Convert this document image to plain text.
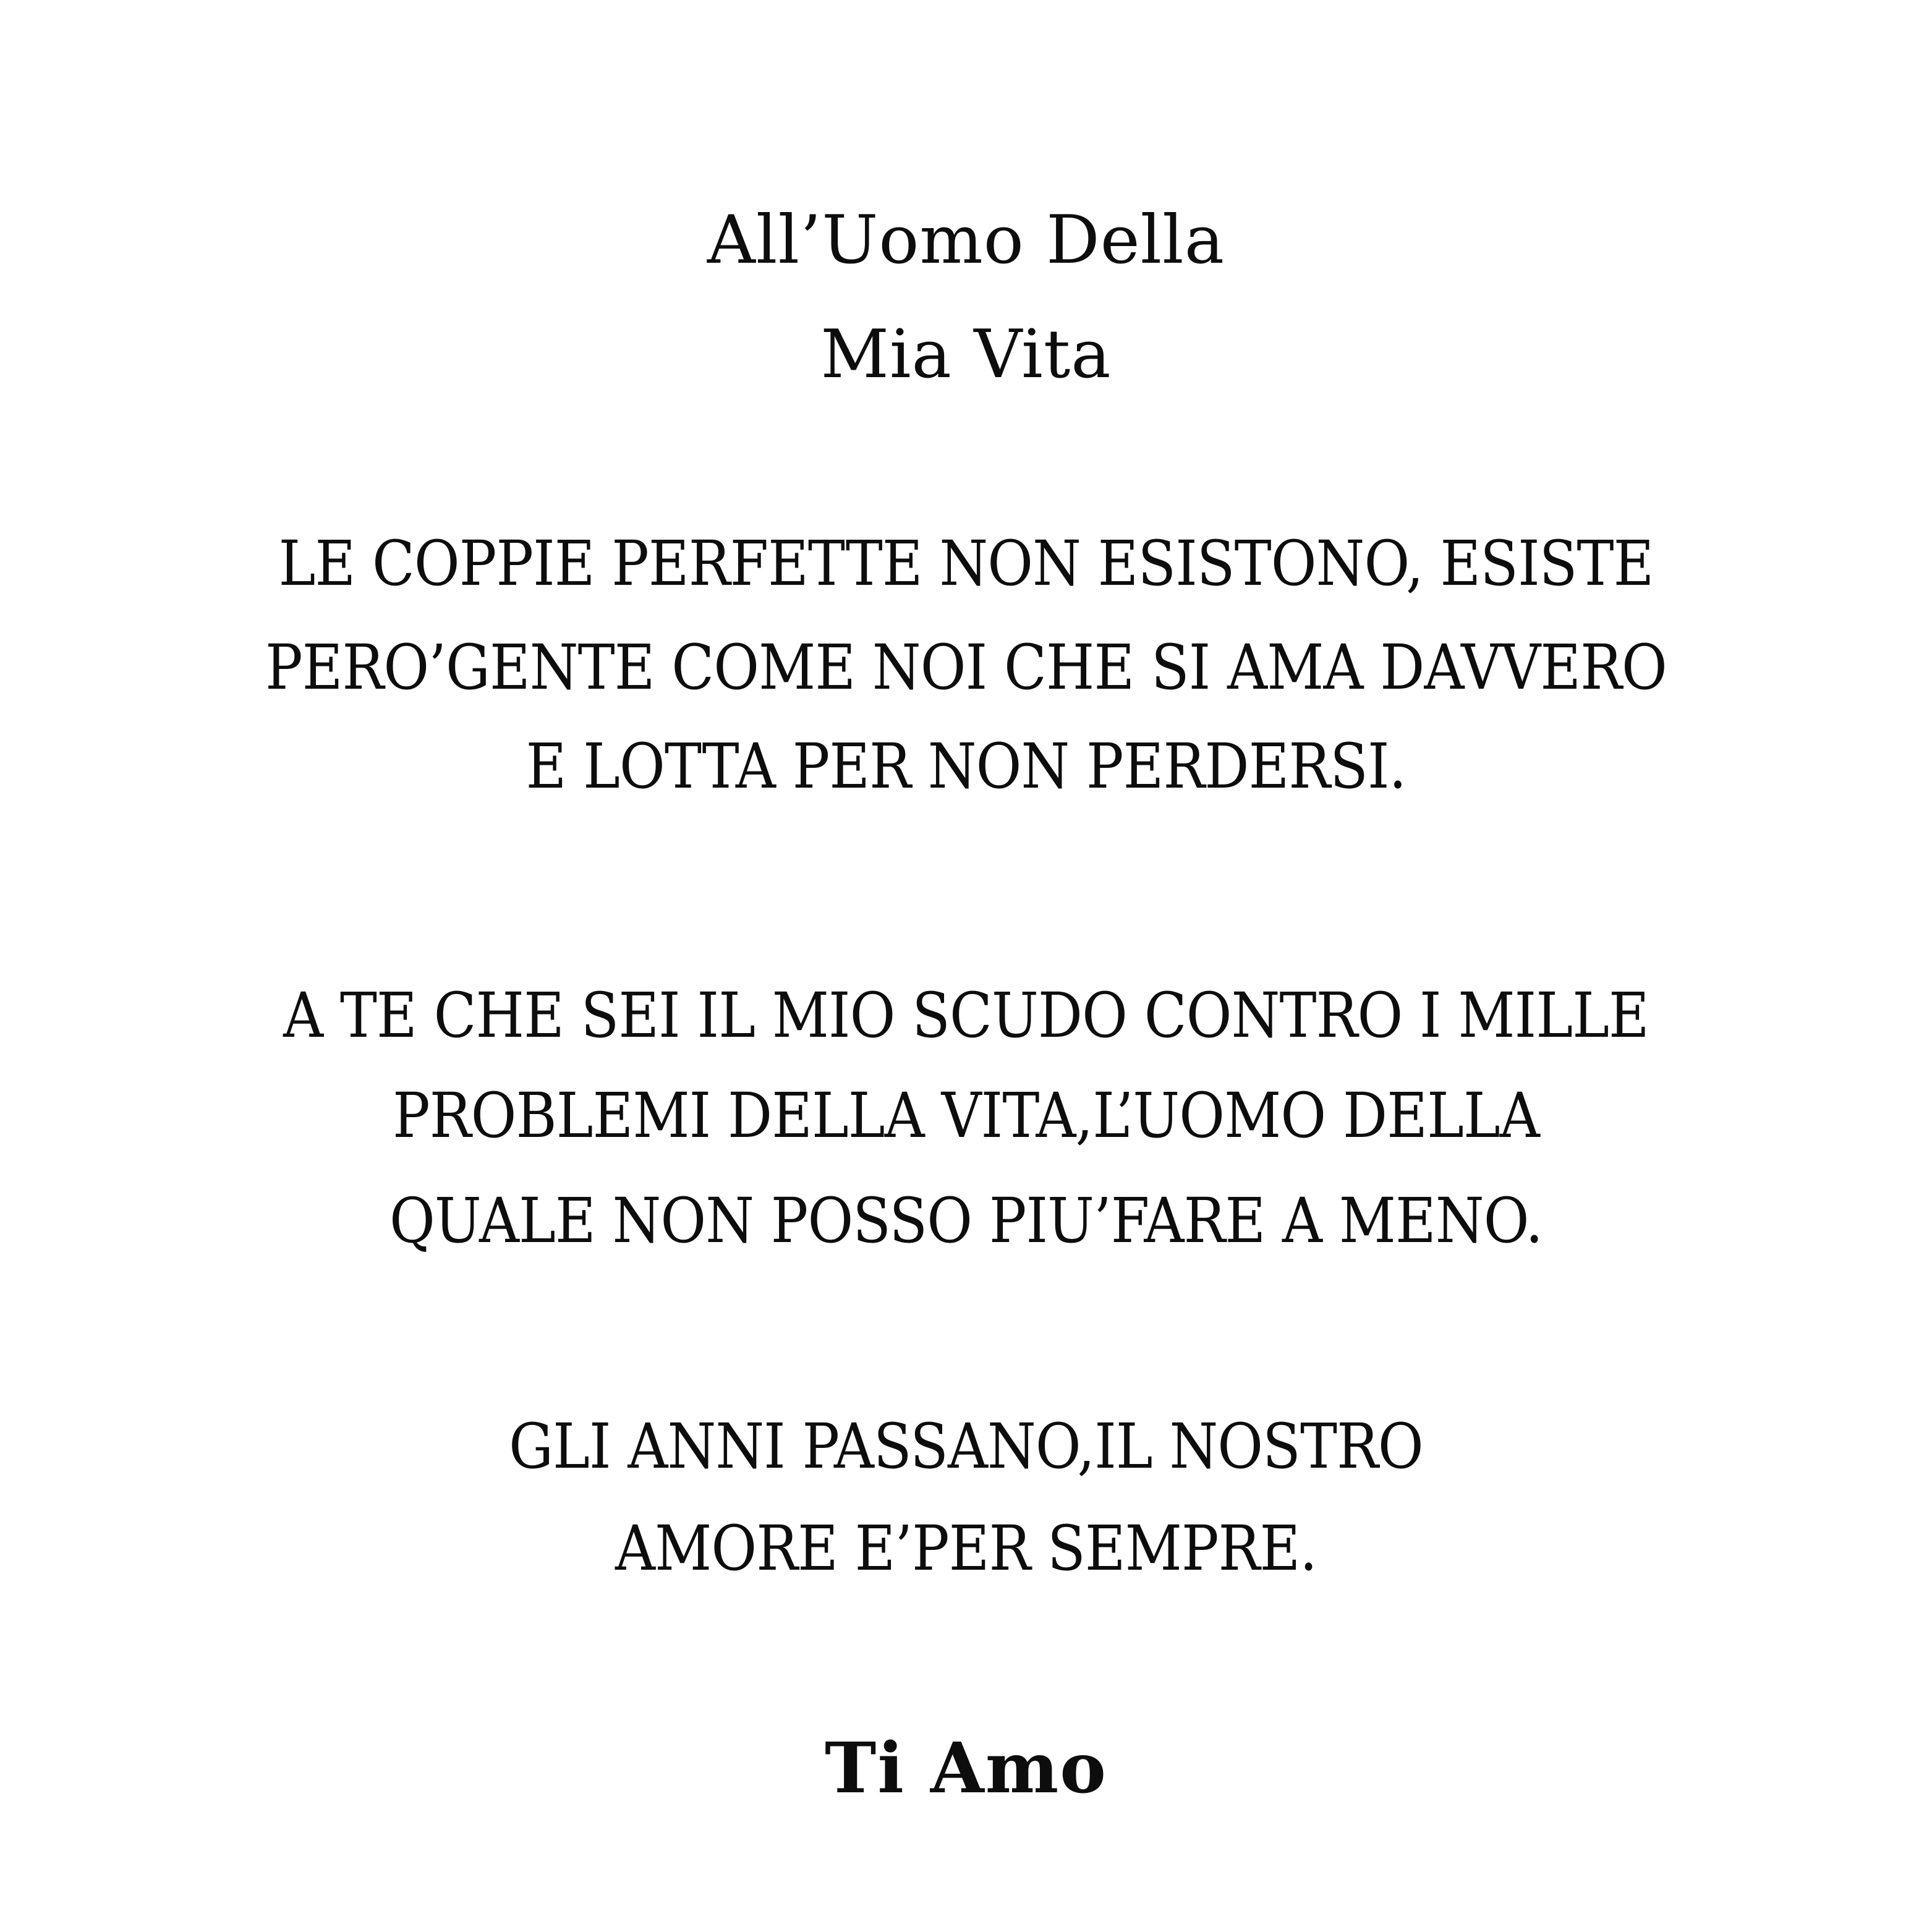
All’Uomo Della
Mia Vita
LE COPPIE PERFETTE NON ESISTONO, ESISTE
PERO’GENTE COME NOI CHE SI AMA DAVVERO
E LOTTA PER NON PERDERSI.
A TE CHE SEI IL MIO SCUDO CONTRO I MILLE
PROBLEMI DELLA VITA,L’UOMO DELLA
QUALE NON POSSO PIU’FARE A MENO.
GLI ANNI PASSANO,IL NOSTRO
AMORE E’PER SEMPRE.
Ti Amo
